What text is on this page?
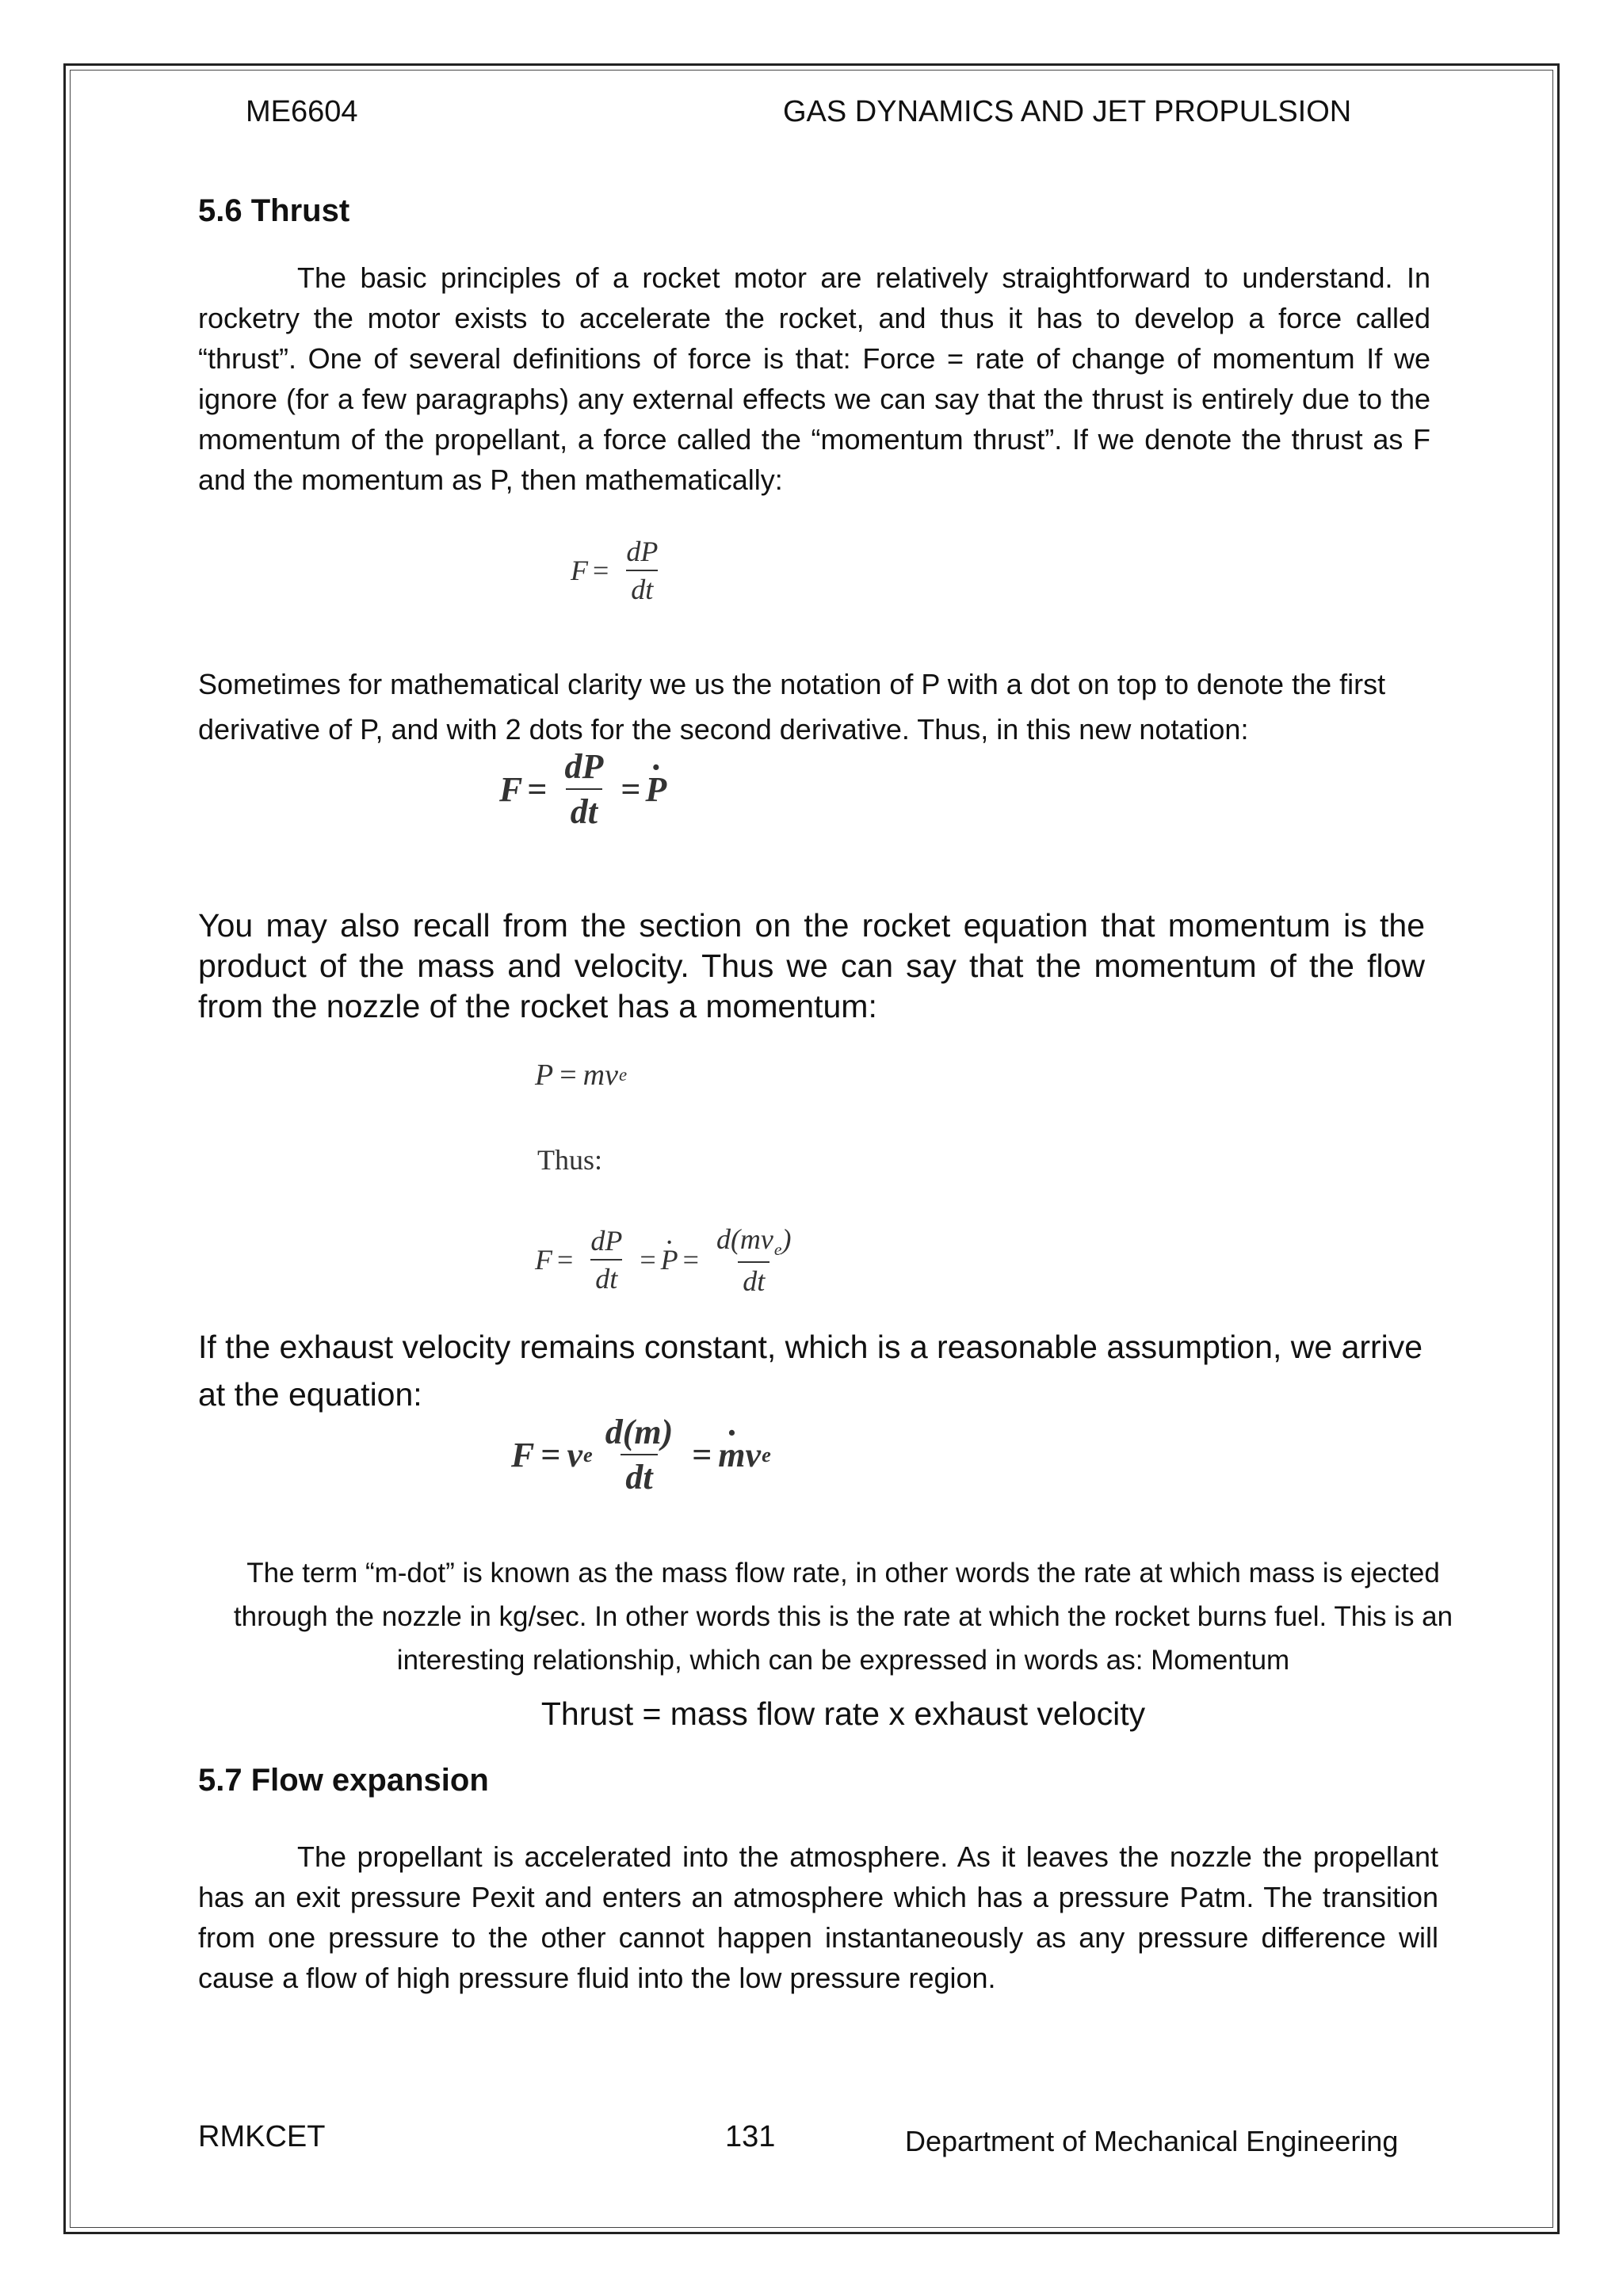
ME6604	GAS DYNAMICS AND JET PROPULSION
5.6 Thrust
The basic principles of a rocket motor are relatively straightforward to understand. In rocketry the motor exists to accelerate the rocket, and thus it has to develop a force called “thrust”. One of several definitions of force is that: Force = rate of change of momentum If we ignore (for a few paragraphs) any external effects we can say that the thrust is entirely due to the momentum of the propellant, a force called the “momentum thrust”. If we denote the thrust as F and the momentum as P, then mathematically:
$F = \frac{dP}{dt}$
Sometimes for mathematical clarity we us the notation of P with a dot on top to denote the first derivative of P, and with 2 dots for the second derivative. Thus, in this new notation:
$F = \frac{dP}{dt}$ = · P
You may also recall from the section on the rocket equation that momentum is the product of the mass and velocity. Thus we can say that the momentum of the flow from the nozzle of the rocket has a momentum:
P = mv e
Thus:
$F = \frac{dP}{dt}$ = · $P = \frac{d(mv_e)}{dt}$
If the exhaust velocity remains constant, which is a reasonable assumption, we arrive at the equation:
F = v e $\frac{d(m)}{dt}$ = · m v e
The term “m-dot” is known as the mass flow rate, in other words the rate at which mass is ejected through the nozzle in kg/sec. In other words this is the rate at which the rocket burns fuel. This is an interesting relationship, which can be expressed in words as: Momentum
Thrust = mass flow rate x exhaust velocity
5.7 Flow expansion
The propellant is accelerated into the atmosphere. As it leaves the nozzle the propellant has an exit pressure Pexit and enters an atmosphere which has a pressure Patm. The transition from one pressure to the other cannot happen instantaneously as any pressure difference will cause a flow of high pressure fluid into the low pressure region.
RMKCET	131	Department of Mechanical Engineering
